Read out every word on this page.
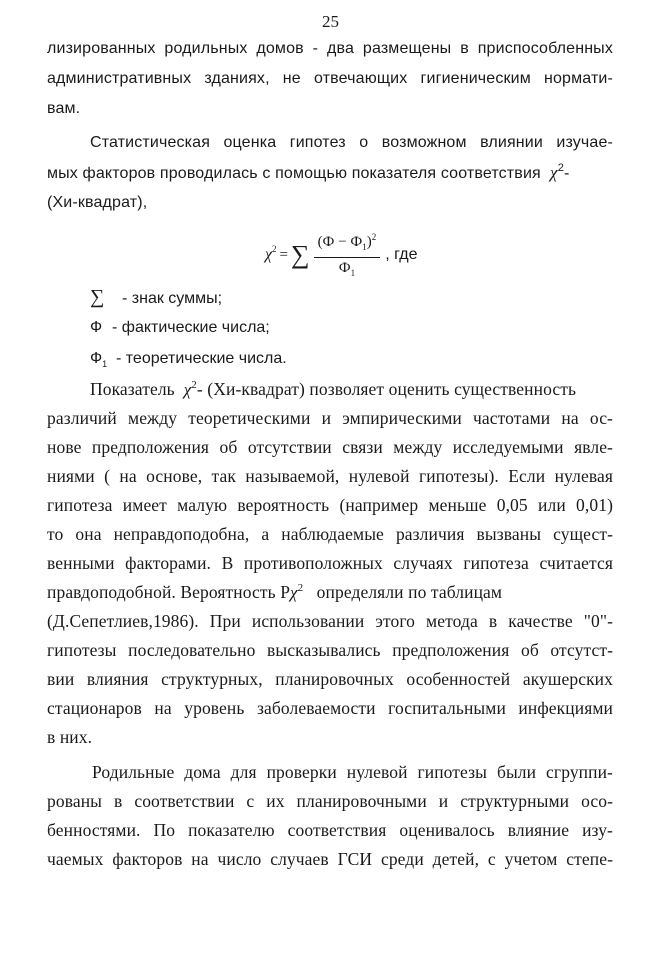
25
лизированных родильных домов - два размещены в приспособленных
административных зданиях, не отвечающих гигиеническим нормати-
вам.
Статистическая оценка гипотез о возможном влиянии изучае-
мых факторов проводилась с помощью показателя соответствия $\chi^2-$
(Хи-квадрат),
$\chi^2$ = ∑ $\frac{(Ф - Ф_1)^2}{Ф_1}$ , где
∑ - знак суммы;
Ф - фактические числа;
$Ф_1$ - теоретические числа.
Показатель $\chi^2-$ (Хи-квадрат) позволяет оценить существенность
различий между теоретическими и эмпирическими частотами на ос-
нове предположения об отсутствии связи между исследуемыми явле-
ниями ( на основе, так называемой, нулевой гипотезы). Если нулевая
гипотеза имеет малую вероятность (например меньше 0,05 или 0,01)
то она неправдоподобна, а наблюдаемые различия вызваны сущест-
венными факторами. В противоположных случаях гипотеза считается
правдоподобной. Вероятность $Р\chi^2$ определяли по таблицам
(Д.Сепетлиев,1986). При использовании этого метода в качестве "0"-
гипотезы последовательно высказывались предположения об отсутст-
вии влияния структурных, планировочных особенностей акушерских
стационаров на уровень заболеваемости госпитальными инфекциями
в них.
Родильные дома для проверки нулевой гипотезы были сгруппи-
рованы в соответствии с их планировочными и структурными осо-
бенностями. По показателю соответствия оценивалось влияние изу-
чаемых факторов на число случаев ГСИ среди детей, с учетом степе-
